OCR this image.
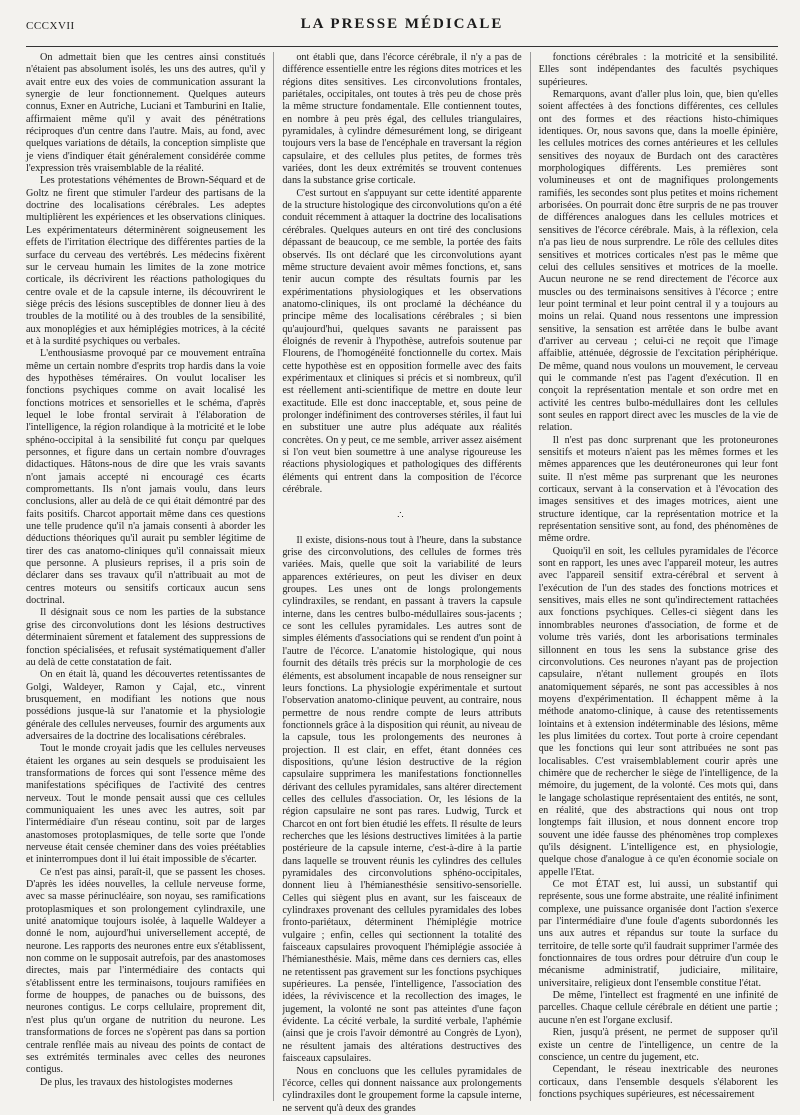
CCCXVII	LA PRESSE MÉDICALE

On admettait bien que les centres ainsi constitués n'étaient pas absolument isolés, les uns des autres, qu'il y avait entre eux des voies de communication assurant la synergie de leur fonctionnement. Quelques auteurs connus, Exner en Autriche, Luciani et Tamburini en Italie, affirmaient même qu'il y avait des pénétrations réciproques d'un centre dans l'autre. Mais, au fond, avec quelques variations de détails, la conception simpliste que je viens d'indiquer était généralement considérée comme l'expression très vraisemblable de la réalité.

Les protestations véhémentes de Brown-Séquard et de Goltz ne firent que stimuler l'ardeur des partisans de la doctrine des localisations cérébrales. Les adeptes multiplièrent les expériences et les observations cliniques. Les expérimentateurs déterminèrent soigneusement les effets de l'irritation électrique des différentes parties de la surface du cerveau des vertébrés. Les médecins fixèrent sur le cerveau humain les limites de la zone motrice corticale, ils décrivirent les réactions pathologiques du centre ovale et de la capsule interne, ils découvrirent le siège précis des lésions susceptibles de donner lieu à des troubles de la motilité ou à des troubles de la sensibilité, aux monoplégies et aux hémiplégies motrices, à la cécité et à la surdité psychiques ou verbales.

L'enthousiasme provoqué par ce mouvement entraîna même un certain nombre d'esprits trop hardis dans la voie des hypothèses téméraires. On voulut localiser les fonctions psychiques comme on avait localisé les fonctions motrices et sensorielles et le schéma, d'après lequel le lobe frontal servirait à l'élaboration de l'intelligence, la région rolandique à la motricité et le lobe sphéno-occipital à la sensibilité fut conçu par quelques personnes, et figure dans un certain nombre d'ouvrages didactiques. Hâtons-nous de dire que les vrais savants n'ont jamais accepté ni encouragé ces écarts compromettants. Ils n'ont jamais voulu, dans leurs conclusions, aller au delà de ce qui était démontré par des faits positifs. Charcot apportait même dans ces questions une telle prudence qu'il n'a jamais consenti à aborder les déductions théoriques qu'il aurait pu sembler légitime de tirer des cas anatomo-cliniques qu'il connaissait mieux que personne. A plusieurs reprises, il a pris soin de déclarer dans ses travaux qu'il n'attribuait au mot de centres moteurs ou sensitifs corticaux aucun sens doctrinal.

Il désignait sous ce nom les parties de la substance grise des circonvolutions dont les lésions destructives déterminaient sûrement et fatalement des suppressions de fonction spécialisées, et refusait systématiquement d'aller au delà de cette constatation de fait.

On en était là, quand les découvertes retentissantes de Golgi, Waldeyer, Ramon y Cajal, etc., vinrent brusquement, en modifiant les notions que nous possédions jusque-là sur l'anatomie et la physiologie générale des cellules nerveuses, fournir des arguments aux adversaires de la doctrine des localisations cérébrales.

Tout le monde croyait jadis que les cellules nerveuses étaient les organes au sein desquels se produisaient les transformations de forces qui sont l'essence même des manifestations spécifiques de l'activité des centres nerveux. Tout le monde pensait aussi que ces cellules communiquaient les unes avec les autres, soit par l'intermédiaire d'un réseau continu, soit par de larges anastomoses protoplasmiques, de telle sorte que l'onde nerveuse était censée cheminer dans des voies préétablies et ininterrompues dont il lui était impossible de s'écarter.

Ce n'est pas ainsi, paraît-il, que se passent les choses. D'après les idées nouvelles, la cellule nerveuse forme, avec sa masse périnucléaire, son noyau, ses ramifications protoplasmiques et son prolongement cylindraxile, une unité anatomique toujours isolée, à laquelle Waldeyer a donné le nom, aujourd'hui universellement accepté, de neurone. Les rapports des neurones entre eux s'établissent, non comme on le supposait autrefois, par des anastomoses directes, mais par l'intermédiaire des contacts qui s'établissent entre les terminaisons, toujours ramifiées en forme de houppes, de panaches ou de buissons, des neurones contigus. Le corps cellulaire, proprement dit, n'est plus qu'un organe de nutrition du neurone. Les transformations de forces ne s'opèrent pas dans sa portion centrale renflée mais au niveau des points de contact de ses extrémités terminales avec celles des neurones contigus.

De plus, les travaux des histologistes modernes

ont établi que, dans l'écorce cérébrale, il n'y a pas de différence essentielle entre les régions dites motrices et les régions dites sensitives. Les circonvolutions frontales, pariétales, occipitales, ont toutes à très peu de chose près la même structure fondamentale. Elle contiennent toutes, en nombre à peu près égal, des cellules triangulaires, pyramidales, à cylindre démesurément long, se dirigeant toujours vers la base de l'encéphale en traversant la région capsulaire, et des cellules plus petites, de formes très variées, dont les deux extrémités se trouvent contenues dans la substance grise corticale.

C'est surtout en s'appuyant sur cette identité apparente de la structure histologique des circonvolutions qu'on a été conduit récemment à attaquer la doctrine des localisations cérébrales. Quelques auteurs en ont tiré des conclusions dépassant de beaucoup, ce me semble, la portée des faits observés. Ils ont déclaré que les circonvolutions ayant même structure devaient avoir mêmes fonctions, et, sans tenir aucun compte des résultats fournis par les expérimentations physiologiques et les observations anatomo-cliniques, ils ont proclamé la déchéance du principe même des localisations cérébrales ; si bien qu'aujourd'hui, quelques savants ne paraissent pas éloignés de revenir à l'hypothèse, autrefois soutenue par Flourens, de l'homogénéité fonctionnelle du cortex. Mais cette hypothèse est en opposition formelle avec des faits expérimentaux et cliniques si précis et si nombreux, qu'il est réellement anti-scientifique de mettre en doute leur exactitude. Elle est donc inacceptable, et, sous peine de prolonger indéfiniment des controverses stériles, il faut lui en substituer une autre plus adéquate aux réalités concrètes. On y peut, ce me semble, arriver assez aisément si l'on veut bien soumettre à une analyse rigoureuse les réactions physiologiques et pathologiques des différents éléments qui entrent dans la composition de l'écorce cérébrale.

∴

Il existe, disions-nous tout à l'heure, dans la substance grise des circonvolutions, des cellules de formes très variées. Mais, quelle que soit la variabilité de leurs apparences extérieures, on peut les diviser en deux groupes. Les unes ont de longs prolongements cylindraxiles, se rendant, en passant à travers la capsule interne, dans les centres bulbo-médullaires sous-jacents ; ce sont les cellules pyramidales. Les autres sont de simples éléments d'associations qui se rendent d'un point à l'autre de l'écorce. L'anatomie histologique, qui nous fournit des détails très précis sur la morphologie de ces éléments, est absolument incapable de nous renseigner sur leurs fonctions. La physiologie expérimentale et surtout l'observation anatomo-clinique peuvent, au contraire, nous permettre de nous rendre compte de leurs attributs fonctionnels grâce à la disposition qui réunit, au niveau de la capsule, tous les prolongements des neurones à projection. Il est clair, en effet, étant données ces dispositions, qu'une lésion destructive de la région capsulaire supprimera les manifestations fonctionnelles dérivant des cellules pyramidales, sans altérer directement celles des cellules d'association. Or, les lésions de la région capsulaire ne sont pas rares. Ludwig, Turck et Charcot en ont fort bien étudié les effets. Il résulte de leurs recherches que les lésions destructives limitées à la partie postérieure de la capsule interne, c'est-à-dire à la partie dans laquelle se trouvent réunis les cylindres des cellules pyramidales des circonvolutions sphéno-occipitales, donnent lieu à l'hémianesthésie sensitivo-sensorielle. Celles qui siègent plus en avant, sur les faisceaux de cylindraxes provenant des cellules pyramidales des lobes fronto-pariétaux, déterminent l'hémiplégie motrice vulgaire ; enfin, celles qui sectionnent la totalité des faisceaux capsulaires provoquent l'hémiplégie associée à l'hémianesthésie. Mais, même dans ces derniers cas, elles ne retentissent pas gravement sur les fonctions psychiques supérieures. La pensée, l'intelligence, l'association des idées, la réviviscence et la recollection des images, le jugement, la volonté ne sont pas atteintes d'une façon évidente. La cécité verbale, la surdité verbale, l'aphémie (ainsi que je crois l'avoir démontré au Congrès de Lyon), ne résultent jamais des altérations destructives des faisceaux capsulaires.

Nous en concluons que les cellules pyramidales de l'écorce, celles qui donnent naissance aux prolongements cylindraxiles dont le groupement forme la capsule interne, ne servent qu'à deux des grandes

fonctions cérébrales : la motricité et la sensibilité. Elles sont indépendantes des facultés psychiques supérieures.

Remarquons, avant d'aller plus loin, que, bien qu'elles soient affectées à des fonctions différentes, ces cellules ont des formes et des réactions histo-chimiques identiques. Or, nous savons que, dans la moelle épinière, les cellules motrices des cornes antérieures et les cellules sensitives des noyaux de Burdach ont des caractères morphologiques différents. Les premières sont volumineuses et ont de magnifiques prolongements ramifiés, les secondes sont plus petites et moins richement arborisées. On pourrait donc être surpris de ne pas trouver de différences analogues dans les cellules motrices et sensitives de l'écorce cérébrale. Mais, à la réflexion, cela n'a pas lieu de nous surprendre. Le rôle des cellules dites sensitives et motrices corticales n'est pas le même que celui des cellules sensitives et motrices de la moelle. Aucun neurone ne se rend directement de l'écorce aux muscles ou des terminaisons sensitives à l'écorce ; entre leur point terminal et leur point central il y a toujours au moins un relai. Quand nous ressentons une impression sensitive, la sensation est arrêtée dans le bulbe avant d'arriver au cerveau ; celui-ci ne reçoit que l'image affaiblie, atténuée, dégrossie de l'excitation périphérique. De même, quand nous voulons un mouvement, le cerveau qui le commande n'est pas l'agent d'exécution. Il en conçoit la représentation mentale et son ordre met en activité les centres bulbo-médullaires dont les cellules sont seules en rapport direct avec les muscles de la vie de relation.

Il n'est pas donc surprenant que les protoneurones sensitifs et moteurs n'aient pas les mêmes formes et les mêmes apparences que les deutéroneurones qui leur font suite. Il n'est même pas surprenant que les neurones corticaux, servant à la conservation et à l'évocation des images sensitives et des images motrices, aient une structure identique, car la représentation motrice et la représentation sensitive sont, au fond, des phénomènes de même ordre.

Quoiqu'il en soit, les cellules pyramidales de l'écorce sont en rapport, les unes avec l'appareil moteur, les autres avec l'appareil sensitif extra-cérébral et servent à l'exécution de l'un des stades des fonctions motrices et sensitives, mais elles ne sont qu'indirectement rattachées aux fonctions psychiques. Celles-ci siègent dans les innombrables neurones d'association, de forme et de volume très variés, dont les arborisations terminales sillonnent en tous les sens la substance grise des circonvolutions. Ces neurones n'ayant pas de projection capsulaire, n'étant nullement groupés en îlots anatomiquement séparés, ne sont pas accessibles à nos moyens d'expérimentation. Il échappent même à la méthode anatomo-clinique, à cause des retentissements lointains et à extension indéterminable des lésions, même les plus limitées du cortex. Tout porte à croire cependant que les fonctions qui leur sont attribuées ne sont pas localisables. C'est vraisemblablement courir après une chimère que de rechercher le siège de l'intelligence, de la mémoire, du jugement, de la volonté. Ces mots qui, dans le langage scholastique représentaient des entités, ne sont, en réalité, que des abstractions qui nous ont trop longtemps fait illusion, et nous donnent encore trop souvent une idée fausse des phénomènes trop complexes qu'ils désignent. L'intelligence est, en physiologie, quelque chose d'analogue à ce qu'en économie sociale on appelle l'Etat.

Ce mot ÉTAT est, lui aussi, un substantif qui représente, sous une forme abstraite, une réalité infiniment complexe, une puissance organisée dont l'action s'exerce par l'intermédiaire d'une foule d'agents subordonnés les uns aux autres et répandus sur toute la surface du territoire, de telle sorte qu'il faudrait supprimer l'armée des fonctionnaires de tous ordres pour détruire d'un coup le mécanisme administratif, judiciaire, militaire, universitaire, religieux dont l'ensemble constitue l'état.

De même, l'intellect est fragmenté en une infinité de parcelles. Chaque cellule cérébrale en détient une partie ; aucune n'en est l'organe exclusif.

Rien, jusqu'à présent, ne permet de supposer qu'il existe un centre de l'intelligence, un centre de la conscience, un centre du jugement, etc.

Cependant, le réseau inextricable des neurones corticaux, dans l'ensemble desquels s'élaborent les fonctions psychiques supérieures, est nécessairement
